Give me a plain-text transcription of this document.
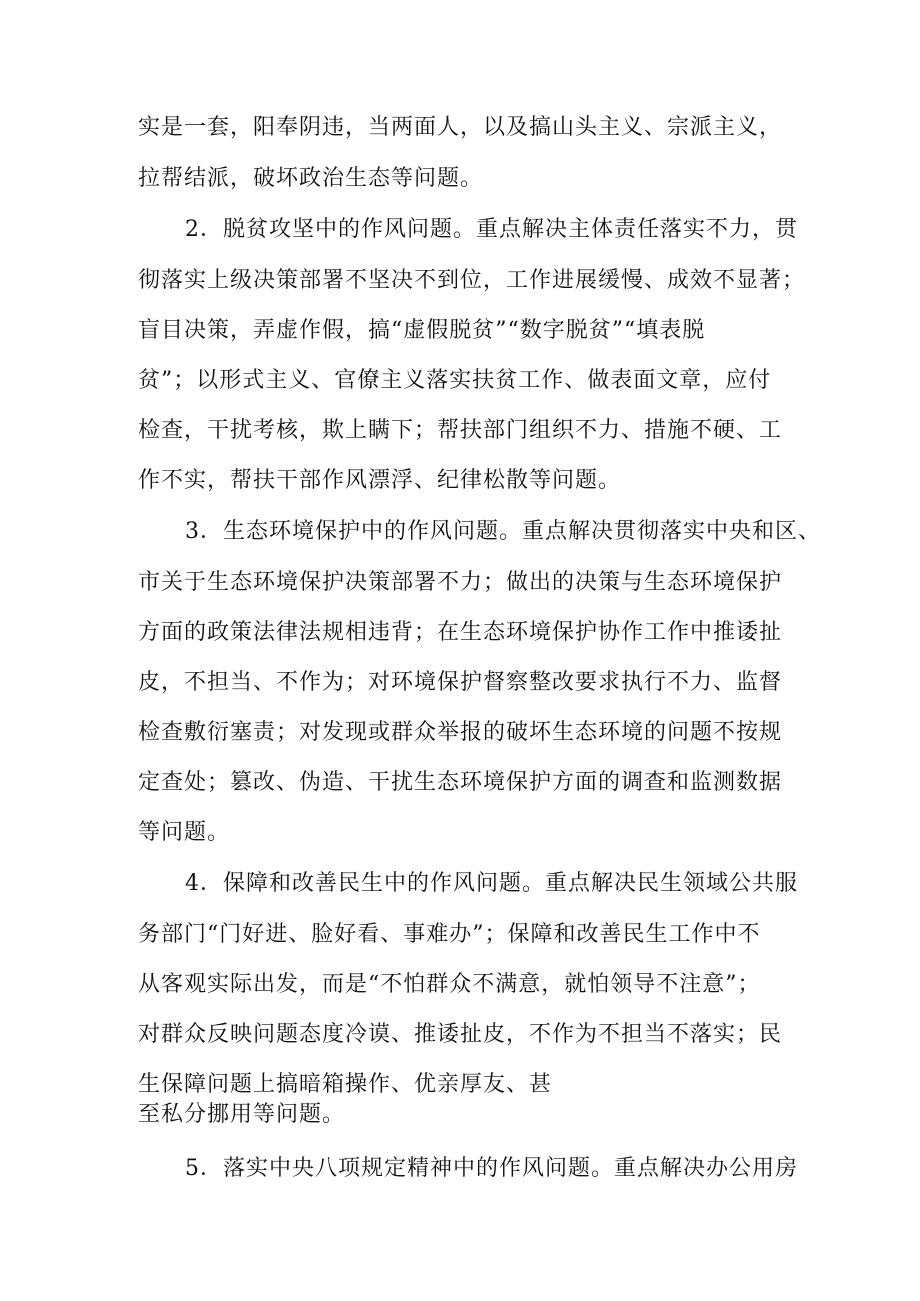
实是一套，阳奉阴违，当两面人，以及搞山头主义、宗派主义，
拉帮结派，破坏政治生态等问题。
2．脱贫攻坚中的作风问题。重点解决主体责任落实不力，贯
彻落实上级决策部署不坚决不到位，工作进展缓慢、成效不显著；
盲目决策，弄虚作假，搞“虚假脱贫”“数字脱贫”“填表脱
贫”；以形式主义、官僚主义落实扶贫工作、做表面文章，应付
检查，干扰考核，欺上瞒下；帮扶部门组织不力、措施不硬、工
作不实，帮扶干部作风漂浮、纪律松散等问题。
3．生态环境保护中的作风问题。重点解决贯彻落实中央和区、
市关于生态环境保护决策部署不力；做出的决策与生态环境保护
方面的政策法律法规相违背；在生态环境保护协作工作中推诿扯
皮，不担当、不作为；对环境保护督察整改要求执行不力、监督
检查敷衍塞责；对发现或群众举报的破坏生态环境的问题不按规
定查处；篡改、伪造、干扰生态环境保护方面的调查和监测数据
等问题。
4．保障和改善民生中的作风问题。重点解决民生领域公共服
务部门“门好进、脸好看、事难办”；保障和改善民生工作中不
从客观实际出发，而是“不怕群众不满意，就怕领导不注意”；
对群众反映问题态度冷谟、推诿扯皮，不作为不担当不落实；民
生保障问题上搞暗箱操作、优亲厚友、甚
至私分挪用等问题。
5．落实中央八项规定精神中的作风问题。重点解决办公用房
